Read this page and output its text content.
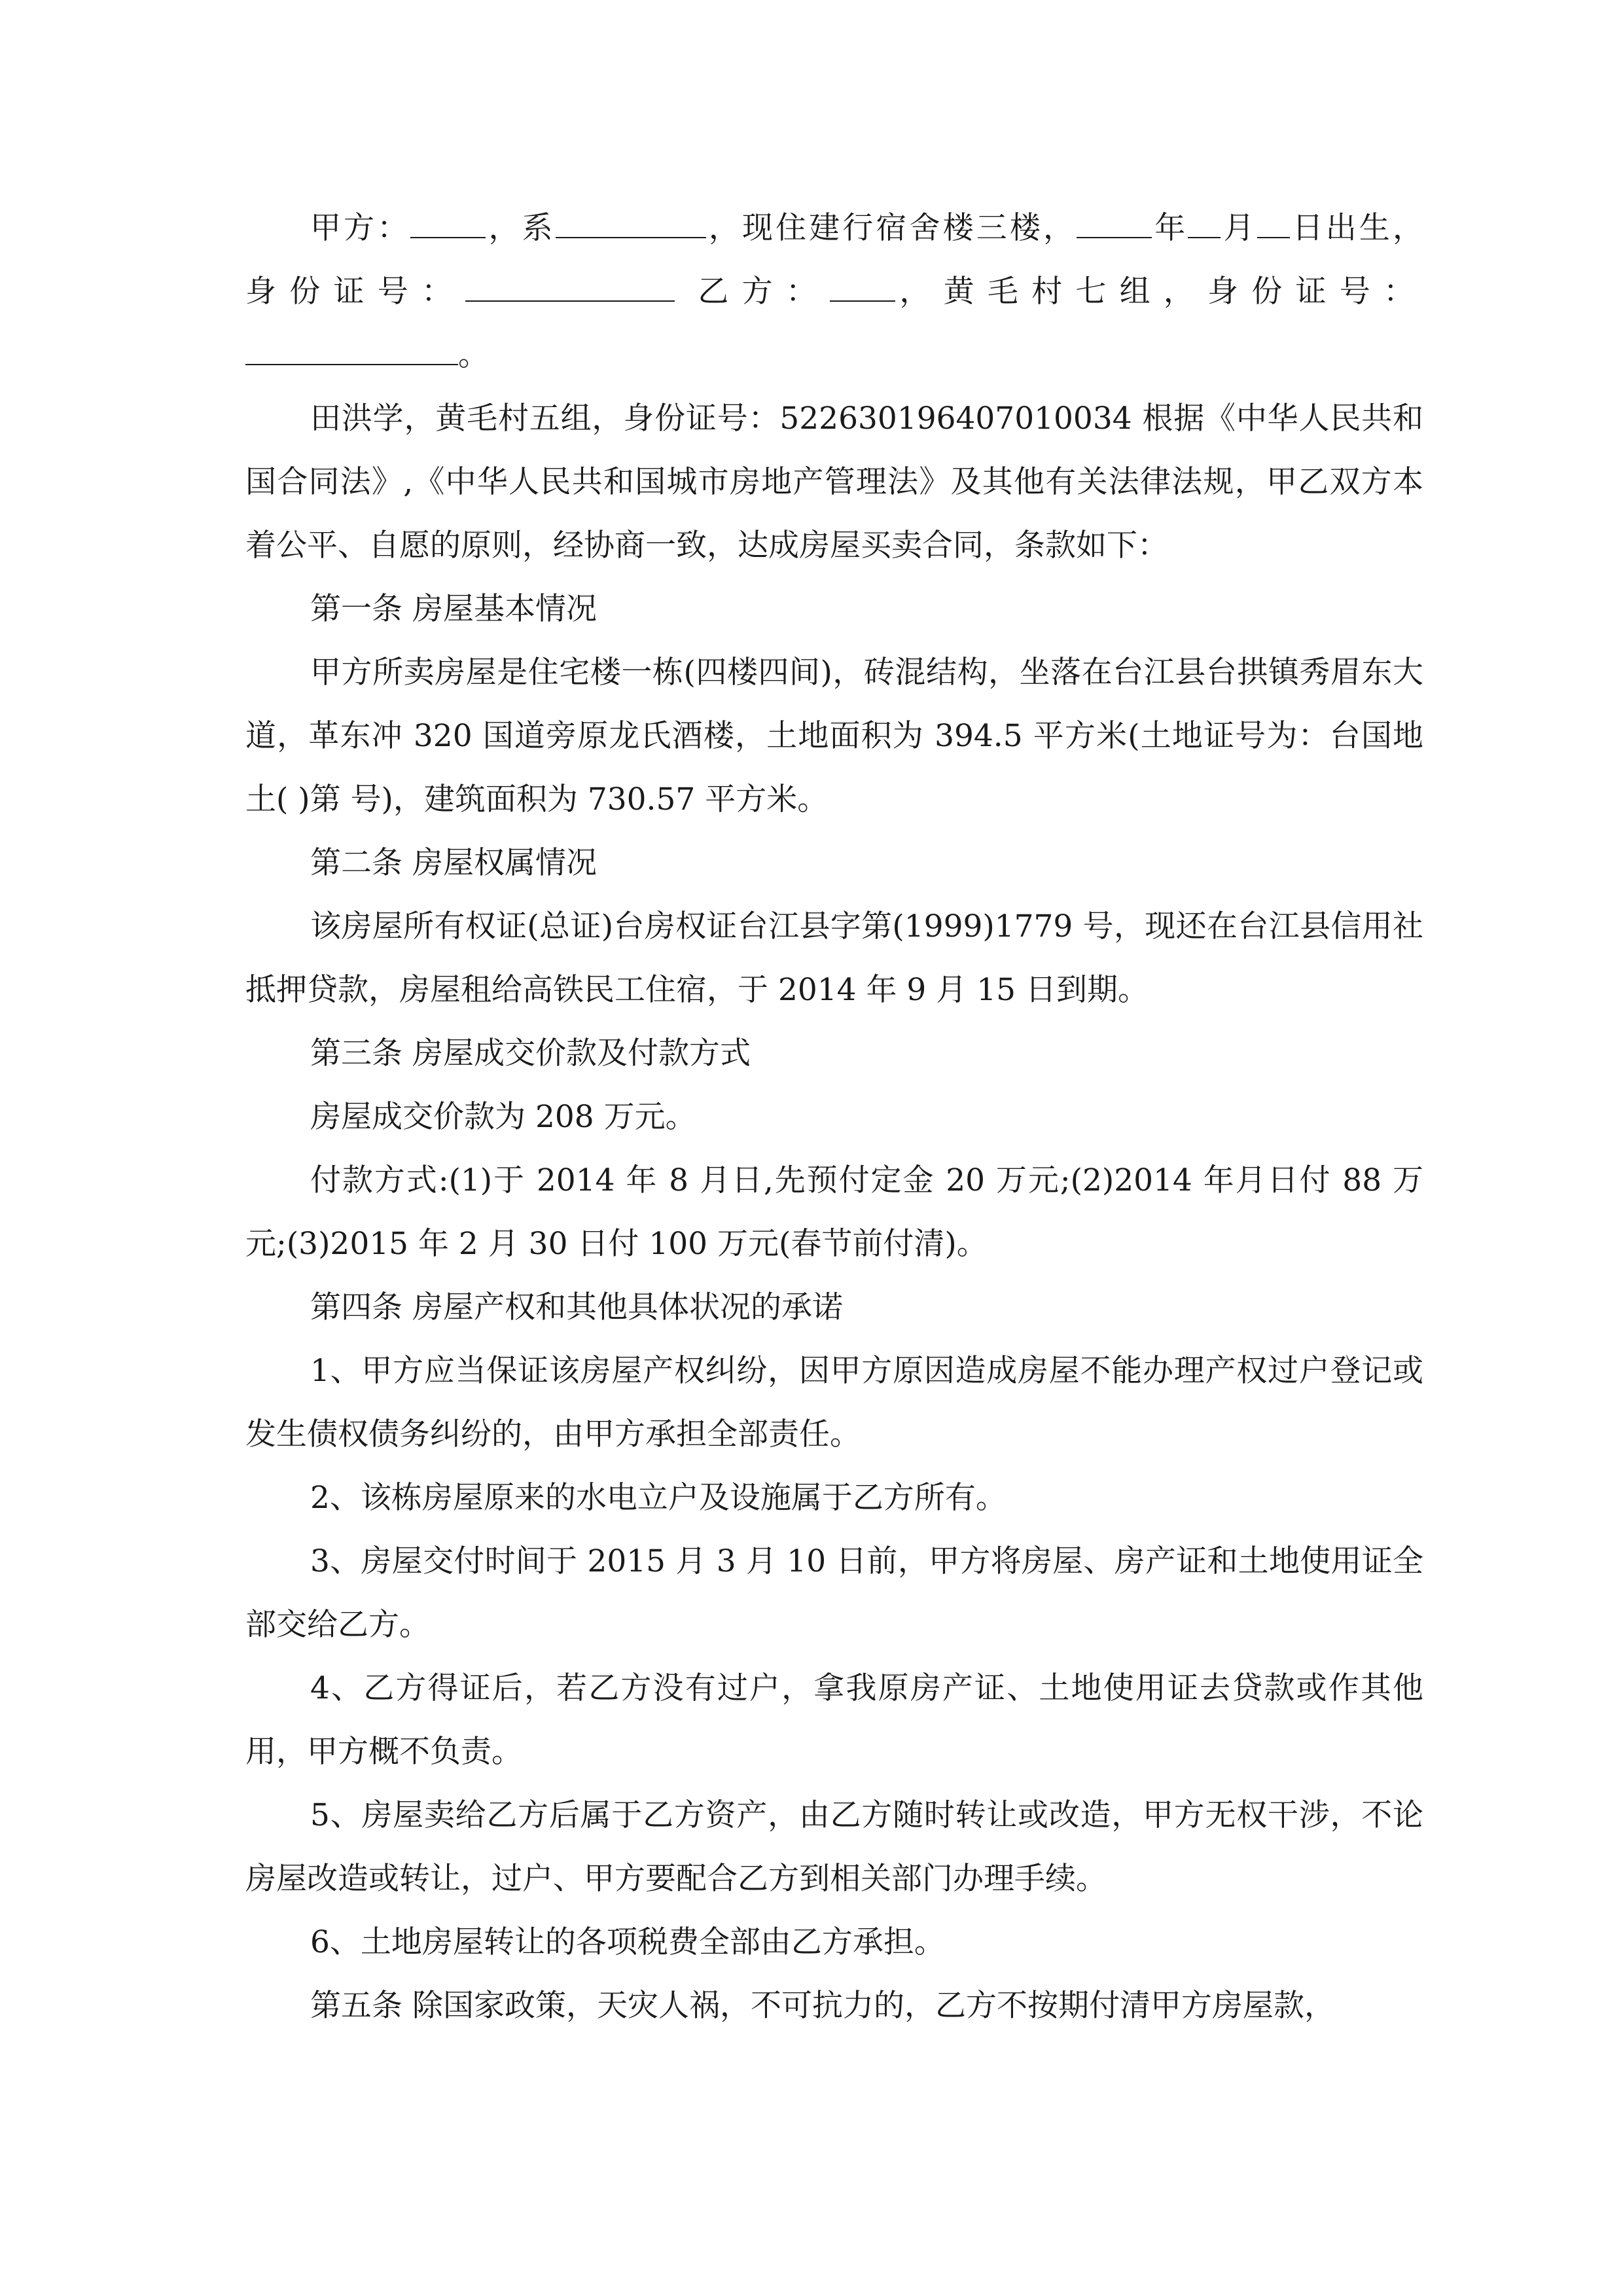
甲方： ，系	，现住建行宿舍楼三楼， 年 月 日出生，

身份证号：	乙方： ，黄毛村七组，身份证号：

。

田洪学，黄毛村五组，身份证号：522630196407010034 根据《中华人民共和国合同法》,《中华人民共和国城市房地产管理法》及其他有关法律法规，甲乙双方本着公平、自愿的原则，经协商一致，达成房屋买卖合同，条款如下：

第一条 房屋基本情况

甲方所卖房屋是住宅楼一栋(四楼四间)，砖混结构，坐落在台江县台拱镇秀眉东大道，革东冲 320 国道旁原龙氏酒楼，土地面积为 394.5 平方米(土地证号为：台国地土( )第 号)，建筑面积为 730.57 平方米。

第二条 房屋权属情况

该房屋所有权证(总证)台房权证台江县字第(1999)1779 号，现还在台江县信用社抵押贷款，房屋租给高铁民工住宿，于 2014 年 9 月 15 日到期。

第三条 房屋成交价款及付款方式

房屋成交价款为 208 万元。

付款方式:(1)于 2014 年 8 月日,先预付定金 20 万元;(2)2014 年月日付 88 万元;(3)2015 年 2 月 30 日付 100 万元(春节前付清)。

第四条 房屋产权和其他具体状况的承诺

1、甲方应当保证该房屋产权纠纷，因甲方原因造成房屋不能办理产权过户登记或发生债权债务纠纷的，由甲方承担全部责任。

2、该栋房屋原来的水电立户及设施属于乙方所有。

3、房屋交付时间于 2015 月 3 月 10 日前，甲方将房屋、房产证和土地使用证全部交给乙方。

4、乙方得证后，若乙方没有过户，拿我原房产证、土地使用证去贷款或作其他用，甲方概不负责。

5、房屋卖给乙方后属于乙方资产，由乙方随时转让或改造，甲方无权干涉，不论房屋改造或转让，过户、甲方要配合乙方到相关部门办理手续。

6、土地房屋转让的各项税费全部由乙方承担。

第五条 除国家政策，天灾人祸，不可抗力的，乙方不按期付清甲方房屋款，
